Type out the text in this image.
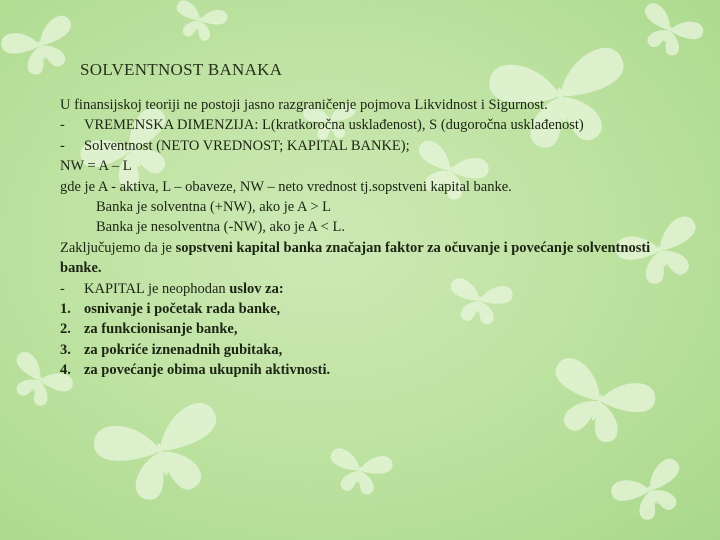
SOLVENTNOST BANAKA

U finansijskoj teoriji ne postoji jasno razgraničenje pojmova Likvidnost i Sigurnost.

- VREMENSKA DIMENZIJA: L(kratkoročna usklađenost), S (dugoročna usklađenost)

- Solventnost (NETO VREDNOST; KAPITAL BANKE);

NW = A – L

gde je A - aktiva, L – obaveze, NW – neto vrednost tj.sopstveni kapital banke.

Banka je solventna (+NW), ako je A > L

Banka je nesolventna (-NW), ako je A < L.

Zaključujemo da je sopstveni kapital banka značajan faktor za očuvanje i povećanje solventnosti banke.

- KAPITAL je neophodan uslov za:

1. osnivanje i početak rada banke,

2. za funkcionisanje banke,

3. za pokriće iznenadnih gubitaka,

4. za povećanje obima ukupnih aktivnosti.
